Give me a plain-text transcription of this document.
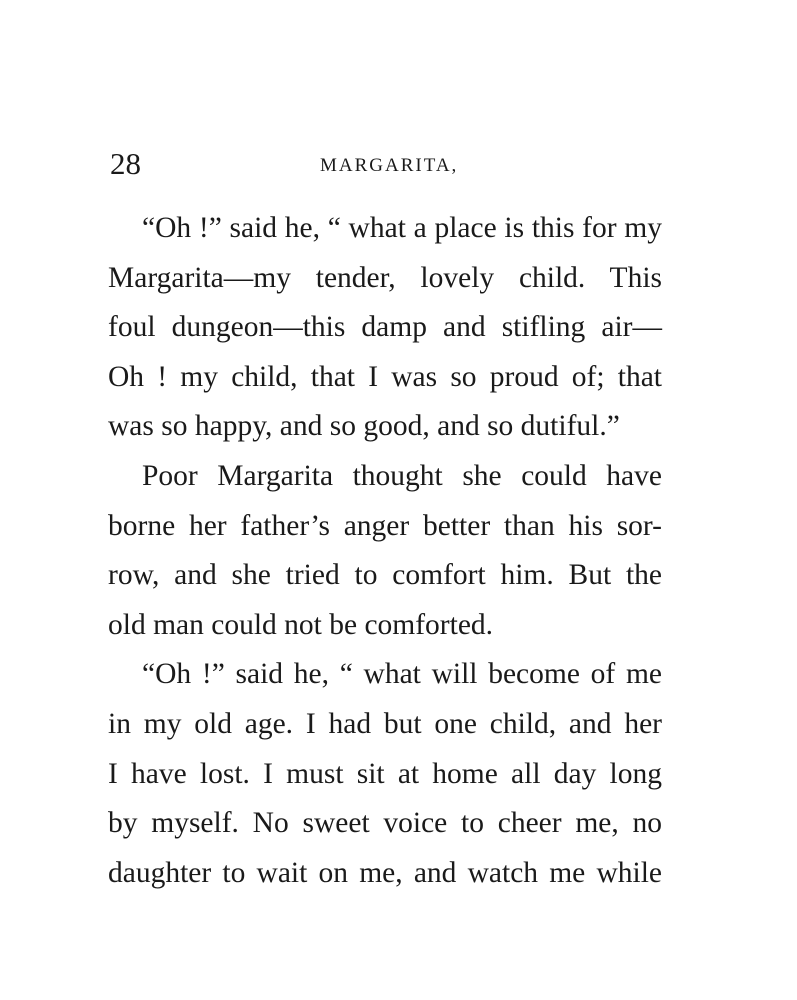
28	MARGARITA,
“Oh !” said he, “ what a place is this for my
Margarita—my tender, lovely child. This
foul dungeon—this damp and stifling air—
Oh ! my child, that I was so proud of; that
was so happy, and so good, and so dutiful.”
Poor Margarita thought she could have
borne her father’s anger better than his sor-
row, and she tried to comfort him. But the
old man could not be comforted.
“Oh !” said he, “ what will become of me
in my old age. I had but one child, and her
I have lost. I must sit at home all day long
by myself. No sweet voice to cheer me, no
daughter to wait on me, and watch me while
